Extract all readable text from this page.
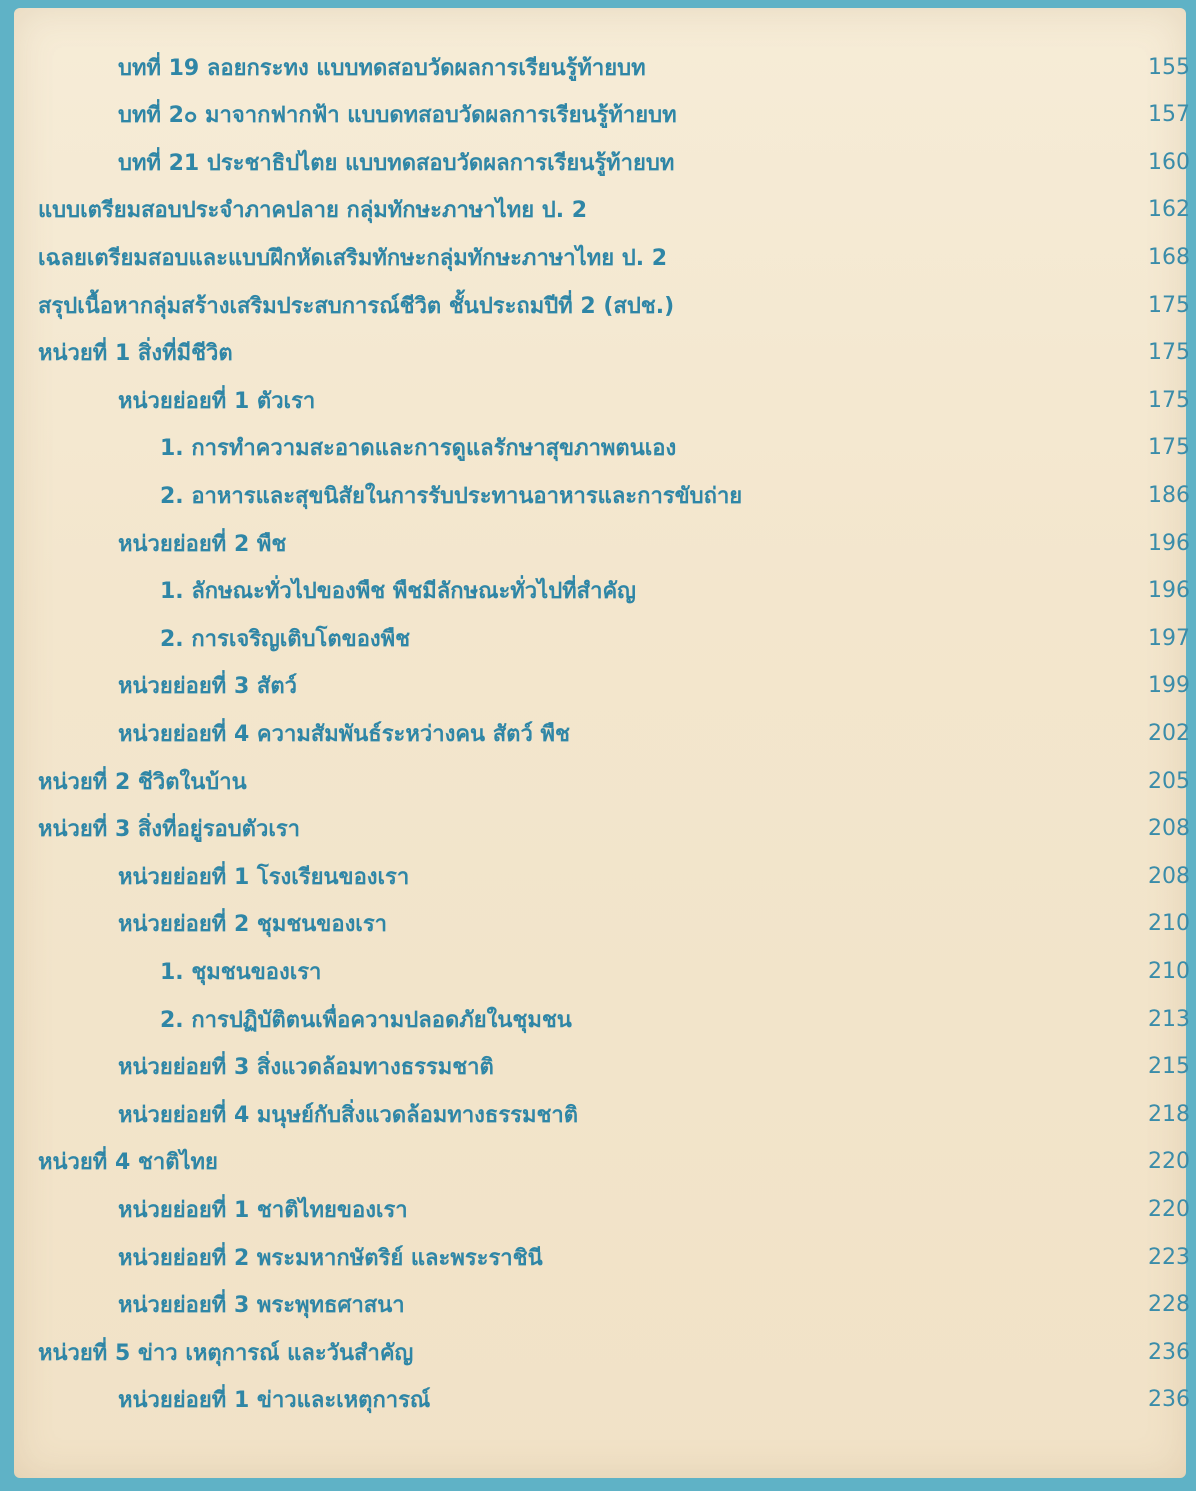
บทที่ 19 ลอยกระทง แบบทดสอบวัดผลการเรียนรู้ท้ายบท	155
บทที่ 2๐ มาจากฟากฟ้า แบบดทสอบวัดผลการเรียนรู้ท้ายบท	157
บทที่ 21 ประชาธิปไตย แบบทดสอบวัดผลการเรียนรู้ท้ายบท	160
แบบเตรียมสอบประจำภาคปลาย กลุ่มทักษะภาษาไทย ป. 2	162
เฉลยเตรียมสอบและแบบฝึกหัดเสริมทักษะกลุ่มทักษะภาษาไทย ป. 2	168
สรุปเนื้อหากลุ่มสร้างเสริมประสบการณ์ชีวิต ชั้นประถมปีที่ 2 (สปช.)	175
หน่วยที่ 1 สิ่งที่มีชีวิต	175
หน่วยย่อยที่ 1 ตัวเรา	175
1. การทำความสะอาดและการดูแลรักษาสุขภาพตนเอง	175
2. อาหารและสุขนิสัยในการรับประทานอาหารและการขับถ่าย	186
หน่วยย่อยที่ 2 พืช	196
1. ลักษณะทั่วไปของพืช พืชมีลักษณะทั่วไปที่สำคัญ	196
2. การเจริญเติบโตของพืช	197
หน่วยย่อยที่ 3 สัตว์	199
หน่วยย่อยที่ 4 ความสัมพันธ์ระหว่างคน สัตว์ พืช	202
หน่วยที่ 2 ชีวิตในบ้าน	205
หน่วยที่ 3 สิ่งที่อยู่รอบตัวเรา	208
หน่วยย่อยที่ 1 โรงเรียนของเรา	208
หน่วยย่อยที่ 2 ชุมชนของเรา	210
1. ชุมชนของเรา	210
2. การปฏิบัติตนเพื่อความปลอดภัยในชุมชน	213
หน่วยย่อยที่ 3 สิ่งแวดล้อมทางธรรมชาติ	215
หน่วยย่อยที่ 4 มนุษย์กับสิ่งแวดล้อมทางธรรมชาติ	218
หน่วยที่ 4 ชาติไทย	220
หน่วยย่อยที่ 1 ชาติไทยของเรา	220
หน่วยย่อยที่ 2 พระมหากษัตริย์ และพระราชินี	223
หน่วยย่อยที่ 3 พระพุทธศาสนา	228
หน่วยที่ 5 ข่าว เหตุการณ์ และวันสำคัญ	236
หน่วยย่อยที่ 1 ข่าวและเหตุการณ์	236
